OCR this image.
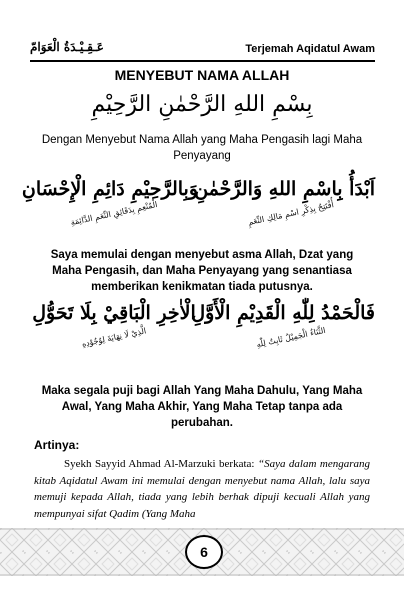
عَـقِـيْـدَةُ الْعَوَامّ	Terjemah Aqidatul Awam
MENYEBUT NAMA ALLAH
بِسْمِ اللهِ الرَّحْمٰنِ الرَّحِيْمِ
Dengan Menyebut Nama Allah yang Maha Pengasih lagi Maha Penyayang
اَبْدَأُ بِاسْمِ اللهِ وَالرَّحْمٰنِ
أُفْتَتِحُ بِذِكْرِ اسْمِ مَالِكِ النِّعَمِ
وَبِالرَّحِيْمِ دَائِمِ الْإِحْسَانِ
الْمُنْعِمِ بِدَقَائِقِ النِّعَمِ الدَّائِمَةِ
Saya memulai dengan menyebut asma Allah, Dzat yang Maha Pengasih, dan Maha Penyayang yang senantiasa memberikan kenikmatan tiada putusnya.
فَالْحَمْدُ لِلّٰهِ الْقَدِيْمِ الْأَوَّلِ
الثَّنَاءُ الْجَمِيْلُ ثَابِتٌ لِلّٰهِ
الْاٰخِرِ الْبَاقِيْ بِلَا تَحَوُّلِ
الَّذِيْ لَا نِهَايَةَ لِوُجُوْدِهِ
Maka segala puji bagi Allah Yang Maha Dahulu, Yang Maha Awal, Yang Maha Akhir, Yang Maha Tetap tanpa ada perubahan.
Artinya:
Syekh Sayyid Ahmad Al-Marzuki berkata: “Saya dalam mengarang kitab Aqidatul Awam ini memulai dengan menyebut nama Allah, lalu saya memuji kepada Allah, tiada yang lebih berhak dipuji kecuali Allah yang mempunyai sifat Qadim (Yang Maha
6
